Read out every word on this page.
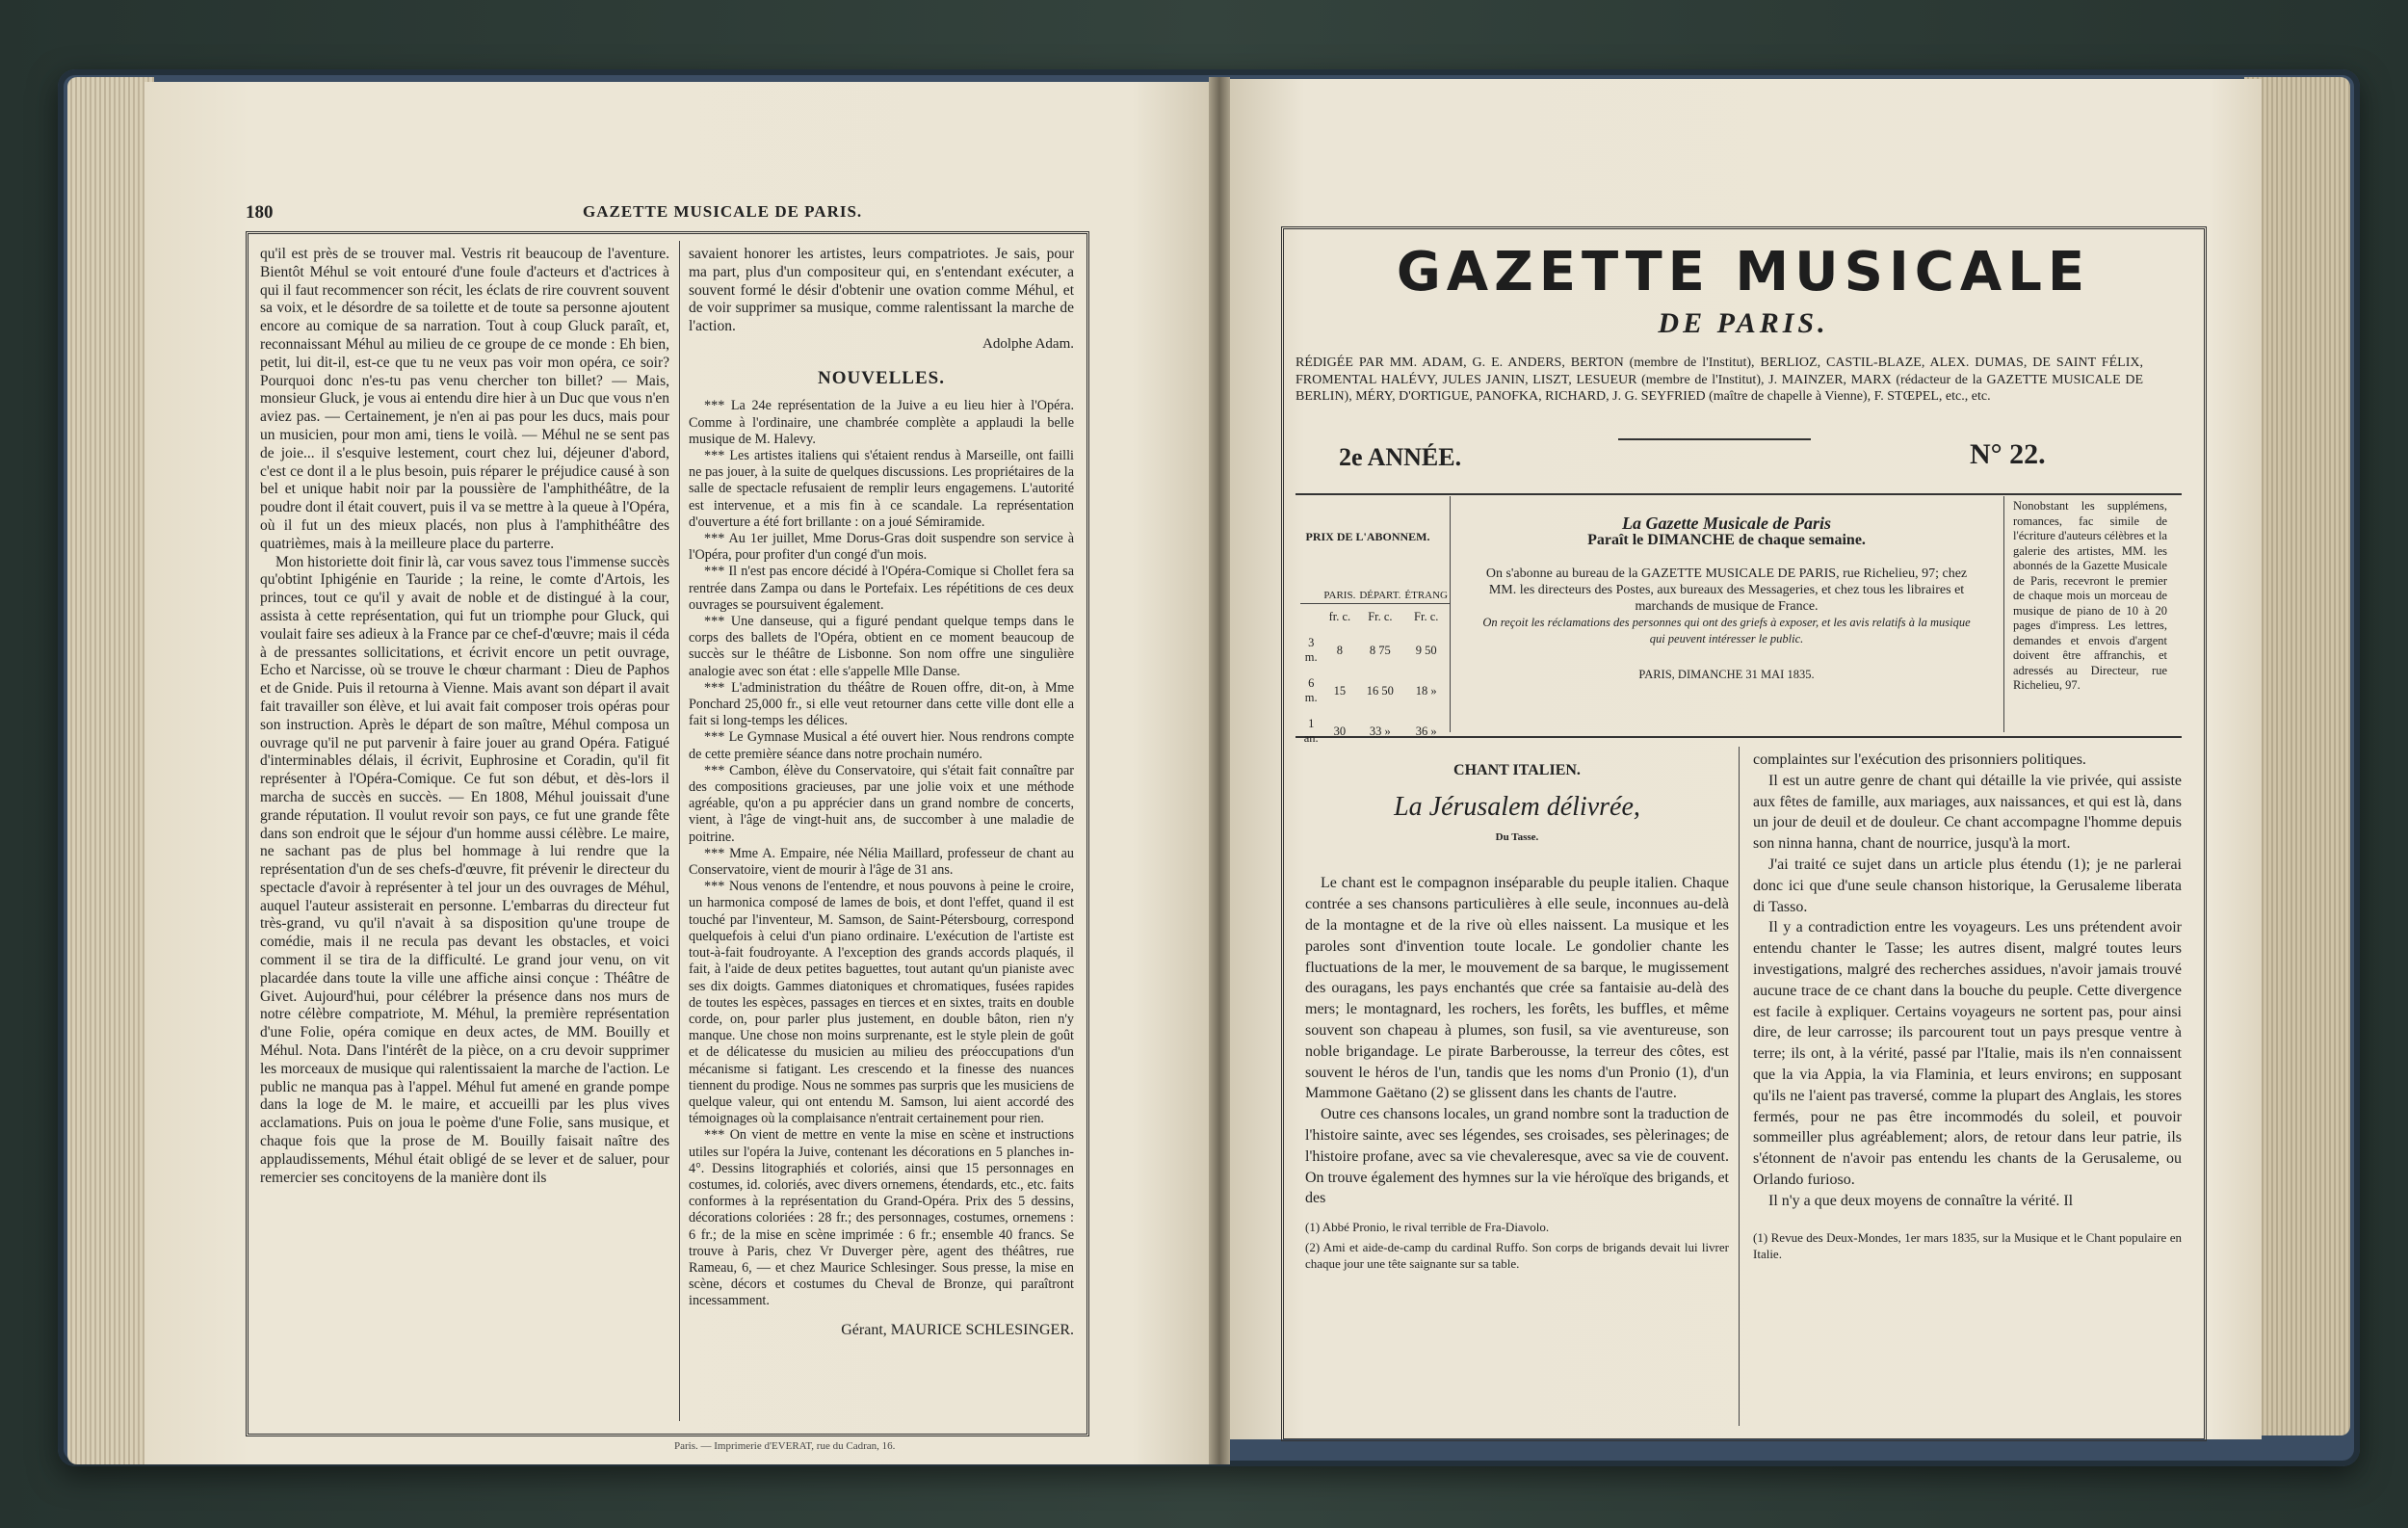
180	GAZETTE MUSICALE DE PARIS.

qu'il est près de se trouver mal. Vestris rit beaucoup de l'aventure. Bientôt Méhul se voit entouré d'une foule d'acteurs et d'actrices à qui il faut recommencer son récit, les éclats de rire couvrent souvent sa voix, et le désordre de sa toilette et de toute sa personne ajoutent encore au comique de sa narration. Tout à coup Gluck paraît, et, reconnaissant Méhul au milieu de ce groupe de ce monde : Eh bien, petit, lui dit-il, est-ce que tu ne veux pas voir mon opéra, ce soir? Pourquoi donc n'es-tu pas venu chercher ton billet? — Mais, monsieur Gluck, je vous ai entendu dire hier à un Duc que vous n'en aviez pas. — Certainement, je n'en ai pas pour les ducs, mais pour un musicien, pour mon ami, tiens le voilà. — Méhul ne se sent pas de joie... il s'esquive lestement, court chez lui, déjeuner d'abord, c'est ce dont il a le plus besoin, puis réparer le préjudice causé à son bel et unique habit noir par la poussière de l'amphithéâtre, de la poudre dont il était couvert, puis il va se mettre à la queue à l'Opéra, où il fut un des mieux placés, non plus à l'amphithéâtre des quatrièmes, mais à la meilleure place du parterre.

Mon historiette doit finir là, car vous savez tous l'immense succès qu'obtint Iphigénie en Tauride ; la reine, le comte d'Artois, les princes, tout ce qu'il y avait de noble et de distingué à la cour, assista à cette représentation, qui fut un triomphe pour Gluck, qui voulait faire ses adieux à la France par ce chef-d'œuvre; mais il céda à de pressantes sollicitations, et écrivit encore un petit ouvrage, Echo et Narcisse, où se trouve le chœur charmant : Dieu de Paphos et de Gnide. Puis il retourna à Vienne. Mais avant son départ il avait fait travailler son élève, et lui avait fait composer trois opéras pour son instruction. Après le départ de son maître, Méhul composa un ouvrage qu'il ne put parvenir à faire jouer au grand Opéra. Fatigué d'interminables délais, il écrivit, Euphrosine et Coradin, qu'il fit représenter à l'Opéra-Comique. Ce fut son début, et dès-lors il marcha de succès en succès. — En 1808, Méhul jouissait d'une grande réputation. Il voulut revoir son pays, ce fut une grande fête dans son endroit que le séjour d'un homme aussi célèbre. Le maire, ne sachant pas de plus bel hommage à lui rendre que la représentation d'un de ses chefs-d'œuvre, fit prévenir le directeur du spectacle d'avoir à représenter à tel jour un des ouvrages de Méhul, auquel l'auteur assisterait en personne. L'embarras du directeur fut très-grand, vu qu'il n'avait à sa disposition qu'une troupe de comédie, mais il ne recula pas devant les obstacles, et voici comment il se tira de la difficulté. Le grand jour venu, on vit placardée dans toute la ville une affiche ainsi conçue : Théâtre de Givet. Aujourd'hui, pour célébrer la présence dans nos murs de notre célèbre compatriote, M. Méhul, la première représentation d'une Folie, opéra comique en deux actes, de MM. Bouilly et Méhul. Nota. Dans l'intérêt de la pièce, on a cru devoir supprimer les morceaux de musique qui ralentissaient la marche de l'action. Le public ne manqua pas à l'appel. Méhul fut amené en grande pompe dans la loge de M. le maire, et accueilli par les plus vives acclamations. Puis on joua le poème d'une Folie, sans musique, et chaque fois que la prose de M. Bouilly faisait naître des applaudissements, Méhul était obligé de se lever et de saluer, pour remercier ses concitoyens de la manière dont ils

savaient honorer les artistes, leurs compatriotes. Je sais, pour ma part, plus d'un compositeur qui, en s'entendant exécuter, a souvent formé le désir d'obtenir une ovation comme Méhul, et de voir supprimer sa musique, comme ralentissant la marche de l'action.

Adolphe Adam.
NOUVELLES.

*** La 24e représentation de la Juive a eu lieu hier à l'Opéra. Comme à l'ordinaire, une chambrée complète a applaudi la belle musique de M. Halevy.

*** Les artistes italiens qui s'étaient rendus à Marseille, ont failli ne pas jouer, à la suite de quelques discussions. Les propriétaires de la salle de spectacle refusaient de remplir leurs engagemens. L'autorité est intervenue, et a mis fin à ce scandale. La représentation d'ouverture a été fort brillante : on a joué Sémiramide.

*** Au 1er juillet, Mme Dorus-Gras doit suspendre son service à l'Opéra, pour profiter d'un congé d'un mois.

*** Il n'est pas encore décidé à l'Opéra-Comique si Chollet fera sa rentrée dans Zampa ou dans le Portefaix. Les répétitions de ces deux ouvrages se poursuivent également.

*** Une danseuse, qui a figuré pendant quelque temps dans le corps des ballets de l'Opéra, obtient en ce moment beaucoup de succès sur le théâtre de Lisbonne. Son nom offre une singulière analogie avec son état : elle s'appelle Mlle Danse.

*** L'administration du théâtre de Rouen offre, dit-on, à Mme Ponchard 25,000 fr., si elle veut retourner dans cette ville dont elle a fait si long-temps les délices.

*** Le Gymnase Musical a été ouvert hier. Nous rendrons compte de cette première séance dans notre prochain numéro.

*** Cambon, élève du Conservatoire, qui s'était fait connaître par des compositions gracieuses, par une jolie voix et une méthode agréable, qu'on a pu apprécier dans un grand nombre de concerts, vient, à l'âge de vingt-huit ans, de succomber à une maladie de poitrine.

*** Mme A. Empaire, née Nélia Maillard, professeur de chant au Conservatoire, vient de mourir à l'âge de 31 ans.

*** Nous venons de l'entendre, et nous pouvons à peine le croire, un harmonica composé de lames de bois, et dont l'effet, quand il est touché par l'inventeur, M. Samson, de Saint-Pétersbourg, correspond quelquefois à celui d'un piano ordinaire. L'exécution de l'artiste est tout-à-fait foudroyante. A l'exception des grands accords plaqués, il fait, à l'aide de deux petites baguettes, tout autant qu'un pianiste avec ses dix doigts. Gammes diatoniques et chromatiques, fusées rapides de toutes les espèces, passages en tierces et en sixtes, traits en double corde, on, pour parler plus justement, en double bâton, rien n'y manque. Une chose non moins surprenante, est le style plein de goût et de délicatesse du musicien au milieu des préoccupations d'un mécanisme si fatigant. Les crescendo et la finesse des nuances tiennent du prodige. Nous ne sommes pas surpris que les musiciens de quelque valeur, qui ont entendu M. Samson, lui aient accordé des témoignages où la complaisance n'entrait certainement pour rien.

*** On vient de mettre en vente la mise en scène et instructions utiles sur l'opéra la Juive, contenant les décorations en 5 planches in-4°. Dessins litographiés et coloriés, ainsi que 15 personnages en costumes, id. coloriés, avec divers ornemens, étendards, etc., etc. faits conformes à la représentation du Grand-Opéra. Prix des 5 dessins, décorations coloriées : 28 fr.; des personnages, costumes, ornemens : 6 fr.; de la mise en scène imprimée : 6 fr.; ensemble 40 francs. Se trouve à Paris, chez Vr Duverger père, agent des théâtres, rue Rameau, 6, — et chez Maurice Schlesinger. Sous presse, la mise en scène, décors et costumes du Cheval de Bronze, qui paraîtront incessamment.

Gérant, MAURICE SCHLESINGER.
Paris. — Imprimerie d'EVERAT, rue du Cadran, 16.
GAZETTE MUSICALE
DE PARIS.
RÉDIGÉE PAR MM. ADAM, G. E. ANDERS, BERTON (membre de l'Institut), BERLIOZ, CASTIL-BLAZE, ALEX. DUMAS, DE SAINT FÉLIX, FROMENTAL HALÉVY, JULES JANIN, LISZT, LESUEUR (membre de l'Institut), J. MAINZER, MARX (rédacteur de la GAZETTE MUSICALE DE BERLIN), MÉRY, D'ORTIGUE, PANOFKA, RICHARD, J. G. SEYFRIED (maître de chapelle à Vienne), F. STŒPEL, etc., etc.
2e ANNÉE.	N° 22.
PRIX DE L'ABONNEM.
	PARIS.	DÉPART.	ÉTRANG
	fr. c.	Fr. c.	Fr. c.
3 m.	8	8 75	9 50
6 m.	15	16 50	18 »
1 an.	30	33 »	36 »
La Gazette Musicale de Paris
Paraît le DIMANCHE de chaque semaine.
On s'abonne au bureau de la GAZETTE MUSICALE DE PARIS, rue Richelieu, 97; chez MM. les directeurs des Postes, aux bureaux des Messageries, et chez tous les libraires et marchands de musique de France.
On reçoit les réclamations des personnes qui ont des griefs à exposer, et les avis relatifs à la musique qui peuvent intéresser le public.
PARIS, DIMANCHE 31 MAI 1835.
Nonobstant les supplémens, romances, fac simile de l'écriture d'auteurs célèbres et la galerie des artistes, MM. les abonnés de la Gazette Musicale de Paris, recevront le premier de chaque mois un morceau de musique de piano de 10 à 20 pages d'impress. Les lettres, demandes et envois d'argent doivent être affranchis, et adressés au Directeur, rue Richelieu, 97.
CHANT ITALIEN.
La Jérusalem délivrée,
Du Tasse.

Le chant est le compagnon inséparable du peuple italien. Chaque contrée a ses chansons particulières à elle seule, inconnues au-delà de la montagne et de la rive où elles naissent. La musique et les paroles sont d'invention toute locale. Le gondolier chante les fluctuations de la mer, le mouvement de sa barque, le mugissement des ouragans, les pays enchantés que crée sa fantaisie au-delà des mers; le montagnard, les rochers, les forêts, les buffles, et même souvent son chapeau à plumes, son fusil, sa vie aventureuse, son noble brigandage. Le pirate Barberousse, la terreur des côtes, est souvent le héros de l'un, tandis que les noms d'un Pronio (1), d'un Mammone Gaëtano (2) se glissent dans les chants de l'autre.

Outre ces chansons locales, un grand nombre sont la traduction de l'histoire sainte, avec ses légendes, ses croisades, ses pèlerinages; de l'histoire profane, avec sa vie chevaleresque, avec sa vie de couvent. On trouve également des hymnes sur la vie héroïque des brigands, et des

(1) Abbé Pronio, le rival terrible de Fra-Diavolo.
(2) Ami et aide-de-camp du cardinal Ruffo. Son corps de brigands devait lui livrer chaque jour une tête saignante sur sa table.

complaintes sur l'exécution des prisonniers politiques.

Il est un autre genre de chant qui détaille la vie privée, qui assiste aux fêtes de famille, aux mariages, aux naissances, et qui est là, dans un jour de deuil et de douleur. Ce chant accompagne l'homme depuis son ninna hanna, chant de nourrice, jusqu'à la mort.

J'ai traité ce sujet dans un article plus étendu (1); je ne parlerai donc ici que d'une seule chanson historique, la Gerusaleme liberata di Tasso.

Il y a contradiction entre les voyageurs. Les uns prétendent avoir entendu chanter le Tasse; les autres disent, malgré toutes leurs investigations, malgré des recherches assidues, n'avoir jamais trouvé aucune trace de ce chant dans la bouche du peuple. Cette divergence est facile à expliquer. Certains voyageurs ne sortent pas, pour ainsi dire, de leur carrosse; ils parcourent tout un pays presque ventre à terre; ils ont, à la vérité, passé par l'Italie, mais ils n'en connaissent que la via Appia, la via Flaminia, et leurs environs; en supposant qu'ils ne l'aient pas traversé, comme la plupart des Anglais, les stores fermés, pour ne pas être incommodés du soleil, et pouvoir sommeiller plus agréablement; alors, de retour dans leur patrie, ils s'étonnent de n'avoir pas entendu les chants de la Gerusaleme, ou Orlando furioso.

Il n'y a que deux moyens de connaître la vérité. Il

(1) Revue des Deux-Mondes, 1er mars 1835, sur la Musique et le Chant populaire en Italie.
